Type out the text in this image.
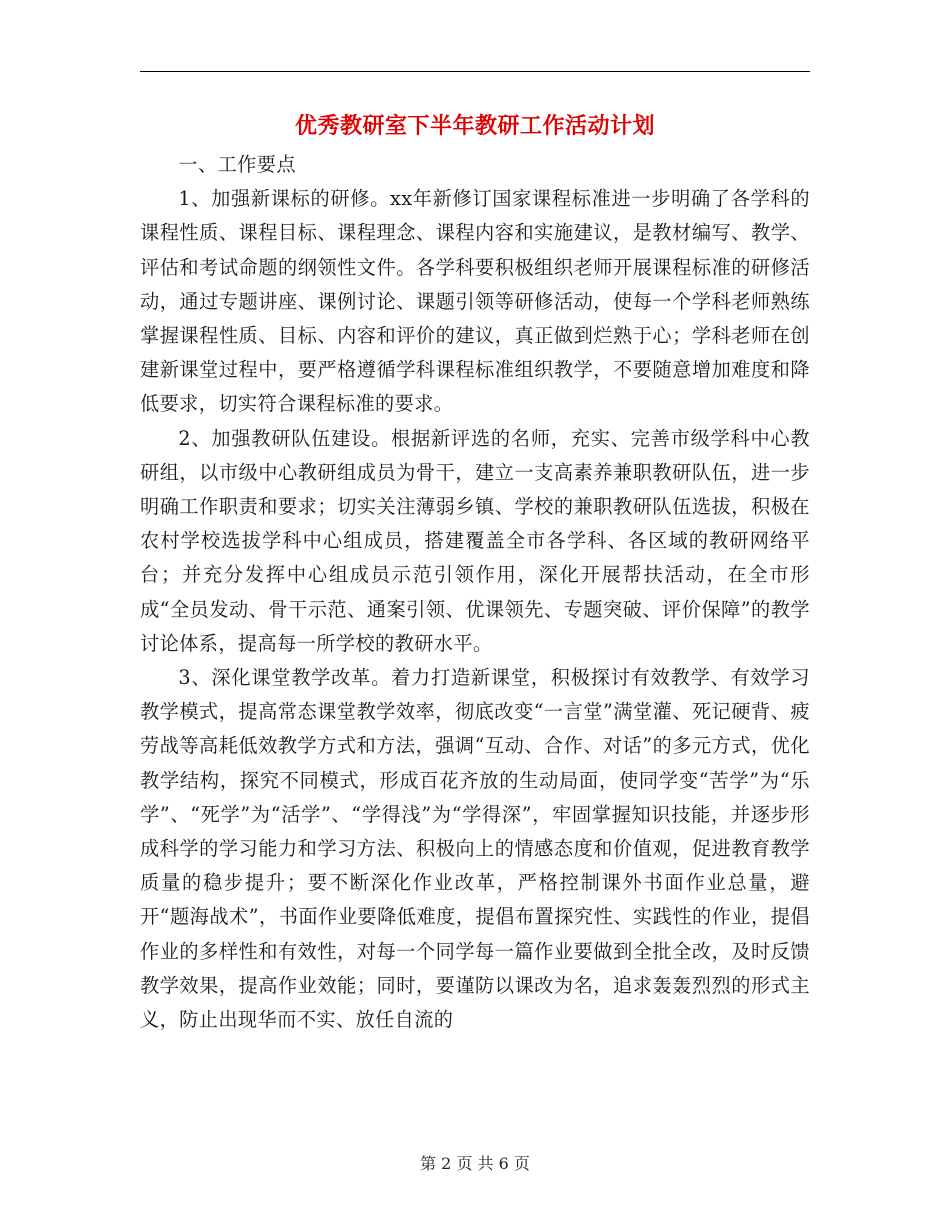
优秀教研室下半年教研工作活动计划

一、工作要点

1、加强新课标的研修。xx年新修订国家课程标准进一步明确了各学科的课程性质、课程目标、课程理念、课程内容和实施建议，是教材编写、教学、评估和考试命题的纲领性文件。各学科要积极组织老师开展课程标准的研修活动，通过专题讲座、课例讨论、课题引领等研修活动，使每一个学科老师熟练掌握课程性质、目标、内容和评价的建议，真正做到烂熟于心；学科老师在创建新课堂过程中，要严格遵循学科课程标准组织教学，不要随意增加难度和降低要求，切实符合课程标准的要求。

2、加强教研队伍建设。根据新评选的名师，充实、完善市级学科中心教研组，以市级中心教研组成员为骨干，建立一支高素养兼职教研队伍，进一步明确工作职责和要求；切实关注薄弱乡镇、学校的兼职教研队伍选拔，积极在农村学校选拔学科中心组成员，搭建覆盖全市各学科、各区域的教研网络平台；并充分发挥中心组成员示范引领作用，深化开展帮扶活动，在全市形成“全员发动、骨干示范、通案引领、优课领先、专题突破、评价保障”的教学讨论体系，提高每一所学校的教研水平。

3、深化课堂教学改革。着力打造新课堂，积极探讨有效教学、有效学习教学模式，提高常态课堂教学效率，彻底改变“一言堂”满堂灌、死记硬背、疲劳战等高耗低效教学方式和方法，强调“互动、合作、对话”的多元方式，优化教学结构，探究不同模式，形成百花齐放的生动局面，使同学变“苦学”为“乐学”、“死学”为“活学”、“学得浅”为“学得深”，牢固掌握知识技能，并逐步形成科学的学习能力和学习方法、积极向上的情感态度和价值观，促进教育教学质量的稳步提升；要不断深化作业改革，严格控制课外书面作业总量，避开“题海战术”，书面作业要降低难度，提倡布置探究性、实践性的作业，提倡作业的多样性和有效性，对每一个同学每一篇作业要做到全批全改，及时反馈教学效果，提高作业效能；同时，要谨防以课改为名，追求轰轰烈烈的形式主义，防止出现华而不实、放任自流的

第 2 页 共 6 页
